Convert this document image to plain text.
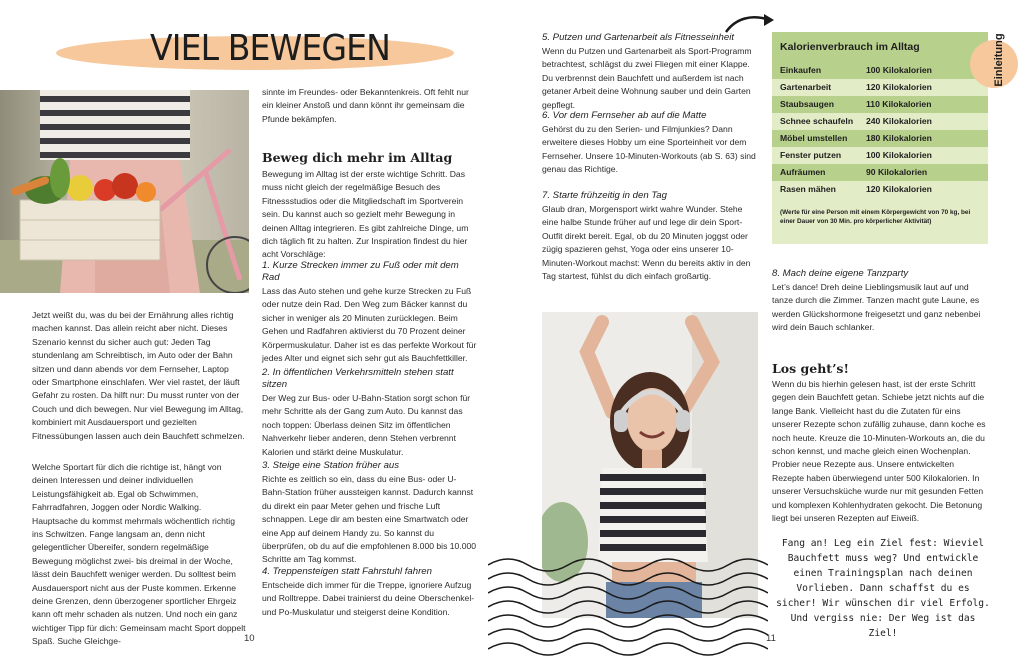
VIEL BEWEGEN

Jetzt weißt du, was du bei der Ernährung alles richtig machen kannst. Das allein reicht aber nicht. Dieses Szenario kennst du sicher auch gut: Jeden Tag stundenlang am Schreibtisch, im Auto oder der Bahn sitzen und dann abends vor dem Fernseher, Laptop oder Smartphone einschlafen. Wer viel rastet, der läuft Gefahr zu rosten. Da hilft nur: Du musst runter von der Couch und dich bewegen. Nur viel Bewegung im Alltag, kombiniert mit Ausdauersport und gezielten Fitnessübungen lassen auch dein Bauchfett schmelzen.

Welche Sportart für dich die richtige ist, hängt von deinen Interessen und deiner individuellen Leistungsfähigkeit ab. Egal ob Schwimmen, Fahrradfahren, Joggen oder Nordic Walking. Hauptsache du kommst mehrmals wöchentlich richtig ins Schwitzen. Fange langsam an, denn nicht gelegentlicher Übereifer, sondern regelmäßige Bewegung möglichst zwei- bis dreimal in der Woche, lässt dein Bauchfett weniger werden. Du solltest beim Ausdauersport nicht aus der Puste kommen. Erkenne deine Grenzen, denn überzogener sportlicher Ehrgeiz kann oft mehr schaden als nutzen. Und noch ein ganz wichtiger Tipp für dich: Gemeinsam macht Sport doppelt Spaß. Suche Gleichge-

sinnte im Freundes- oder Bekanntenkreis. Oft fehlt nur ein kleiner Anstoß und dann könnt ihr gemeinsam die Pfunde bekämpfen.

Beweg dich mehr im Alltag

Bewegung im Alltag ist der erste wichtige Schritt. Das muss nicht gleich der regelmäßige Besuch des Fitnessstudios oder die Mitgliedschaft im Sportverein sein. Du kannst auch so gezielt mehr Bewegung in deinen Alltag integrieren. Es gibt zahlreiche Dinge, um dich täglich fit zu halten. Zur Inspiration findest du hier acht Vorschläge:

1. Kurze Strecken immer zu Fuß oder mit dem Rad

Lass das Auto stehen und gehe kurze Strecken zu Fuß oder nutze dein Rad. Den Weg zum Bäcker kannst du sicher in weniger als 20 Minuten zurücklegen. Beim Gehen und Radfahren aktivierst du 70 Prozent deiner Körpermuskulatur. Daher ist es das perfekte Workout für jedes Alter und eignet sich sehr gut als Bauchfettkiller.

2. In öffentlichen Verkehrsmitteln stehen statt sitzen

Der Weg zur Bus- oder U-Bahn-Station sorgt schon für mehr Schritte als der Gang zum Auto. Du kannst das noch toppen: Überlass deinen Sitz im öffentlichen Nahverkehr lieber anderen, denn Stehen verbrennt Kalorien und stärkt deine Muskulatur.

3. Steige eine Station früher aus

Richte es zeitlich so ein, dass du eine Bus- oder U-Bahn-Station früher aussteigen kannst. Dadurch kannst du direkt ein paar Meter gehen und frische Luft schnappen. Lege dir am besten eine Smartwatch oder eine App auf deinem Handy zu. So kannst du überprüfen, ob du auf die empfohlenen 8.000 bis 10.000 Schritte am Tag kommst.

4. Treppensteigen statt Fahrstuhl fahren

Entscheide dich immer für die Treppe, ignoriere Aufzug und Rolltreppe. Dabei trainierst du deine Oberschenkel- und Po-Muskulatur und steigerst deine Kondition.

10
5. Putzen und Gartenarbeit als Fitnesseinheit

Wenn du Putzen und Gartenarbeit als Sport-Programm betrachtest, schlägst du zwei Fliegen mit einer Klappe. Du verbrennst dein Bauchfett und außerdem ist nach getaner Arbeit deine Wohnung sauber und dein Garten gepflegt.

6. Vor dem Fernseher ab auf die Matte

Gehörst du zu den Serien- und Filmjunkies? Dann erweitere dieses Hobby um eine Sporteinheit vor dem Fernseher. Unsere 10-Minuten-Workouts (ab S. 63) sind genau das Richtige.

7. Starte frühzeitig in den Tag

Glaub dran, Morgensport wirkt wahre Wunder. Stehe eine halbe Stunde früher auf und lege dir dein Sport-Outfit direkt bereit. Egal, ob du 20 Minuten joggst oder zügig spazieren gehst, Yoga oder eins unserer 10-Minuten-Workout machst: Wenn du bereits aktiv in den Tag startest, fühlst du dich einfach großartig.

Kalorienverbrauch im Alltag
Einkaufen	100 Kilokalorien
Gartenarbeit	120 Kilokalorien
Staubsaugen	110 Kilokalorien
Schnee schaufeln	240 Kilokalorien
Möbel umstellen	180 Kilokalorien
Fenster putzen	100 Kilokalorien
Aufräumen	90 Kilokalorien
Rasen mähen	120 Kilokalorien
(Werte für eine Person mit einem Körpergewicht von 70 kg, bei einer Dauer von 30 Min. pro körperlicher Aktivität)
Einleitung
8. Mach deine eigene Tanzparty

Let’s dance! Dreh deine Lieblingsmusik laut auf und tanze durch die Zimmer. Tanzen macht gute Laune, es werden Glückshormone freigesetzt und ganz nebenbei wird dein Bauch schlanker.

Los geht’s!

Wenn du bis hierhin gelesen hast, ist der erste Schritt gegen dein Bauchfett getan. Schiebe jetzt nichts auf die lange Bank. Vielleicht hast du die Zutaten für eins unserer Rezepte schon zufällig zuhause, dann koche es noch heute. Kreuze die 10-Minuten-Workouts an, die du schon kennst, und mache gleich einen Wochenplan. Probier neue Rezepte aus. Unsere entwickelten Rezepte haben überwiegend unter 500 Kilokalorien. In unserer Versuchsküche wurde nur mit gesunden Fetten und komplexen Kohlenhydraten gekocht. Die Betonung liegt bei unseren Rezepten auf Eiweiß.

Fang an! Leg ein Ziel fest: Wieviel Bauchfett muss weg? Und entwickle einen Trainingsplan nach deinen Vorlieben. Dann schaffst du es sicher! Wir wünschen dir viel Erfolg. Und vergiss nie: Der Weg ist das Ziel!

11
